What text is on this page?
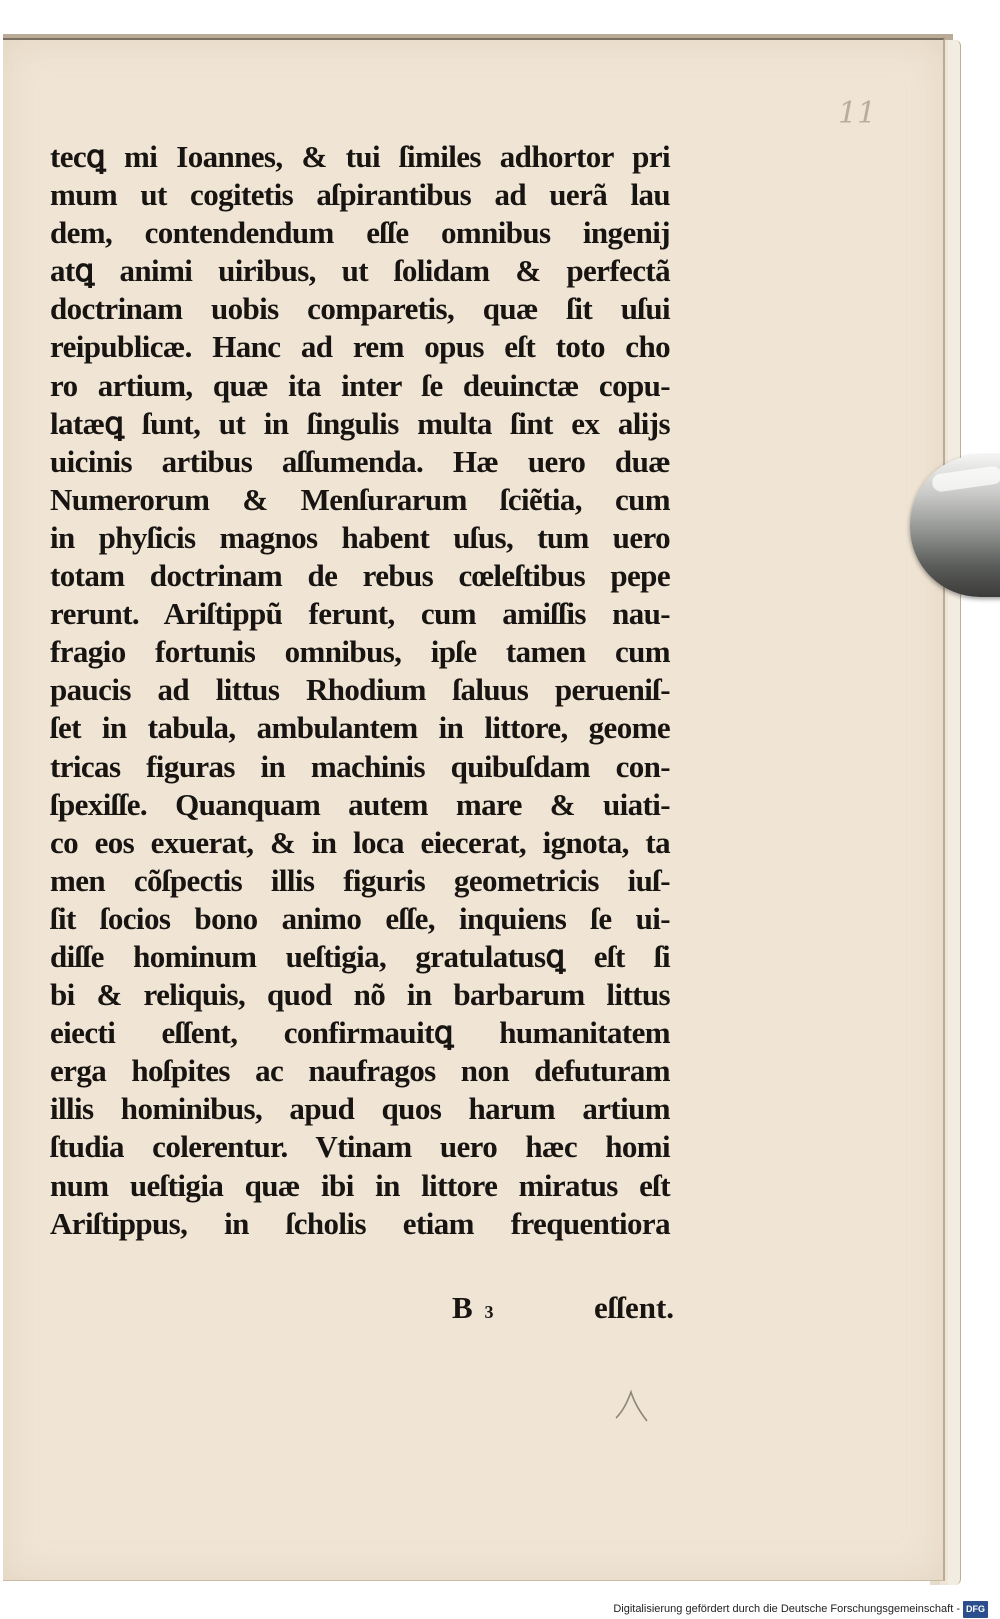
11
tecꝗ mi Ioannes, & tui ſimiles adhortor pri
mum ut cogitetis aſpirantibus ad uerã lau
dem, contendendum eſſe omnibus ingenij
atꝗ animi uiribus, ut ſolidam & perfectã
doctrinam uobis comparetis, quæ ſit uſui
reipublicæ. Hanc ad rem opus eſt toto cho
ro artium, quæ ita inter ſe deuinctæ copu-
latæꝗ ſunt, ut in ſingulis multa ſint ex alijs
uicinis artibus aſſumenda. Hæ uero duæ
Numerorum & Menſurarum ſciẽtia, cum
in phyſicis magnos habent uſus, tum uero
totam doctrinam de rebus cœleſtibus pepe
rerunt. Ariſtippũ ferunt, cum amiſſis nau-
fragio fortunis omnibus, ipſe tamen cum
paucis ad littus Rhodium ſaluus perueniſ-
ſet in tabula, ambulantem in littore, geome
tricas figuras in machinis quibuſdam con-
ſpexiſſe. Quanquam autem mare & uiati-
co eos exuerat, & in loca eiecerat, ignota, ta
men cõſpectis illis figuris geometricis iuſ-
ſit ſocios bono animo eſſe, inquiens ſe ui-
diſſe hominum ueſtigia, gratulatusꝗ eſt ſi
bi & reliquis, quod nõ in barbarum littus
eiecti eſſent, confirmauitꝗ humanitatem
erga hoſpites ac naufragos non defuturam
illis hominibus, apud quos harum artium
ſtudia colerentur. Vtinam uero hæc homi
num ueſtigia quæ ibi in littore miratus eſt
Ariſtippus, in ſcholis etiam frequentiora
B 3	eſſent.
Digitalisierung gefördert durch die Deutsche Forschungsgemeinschaft - DFG
